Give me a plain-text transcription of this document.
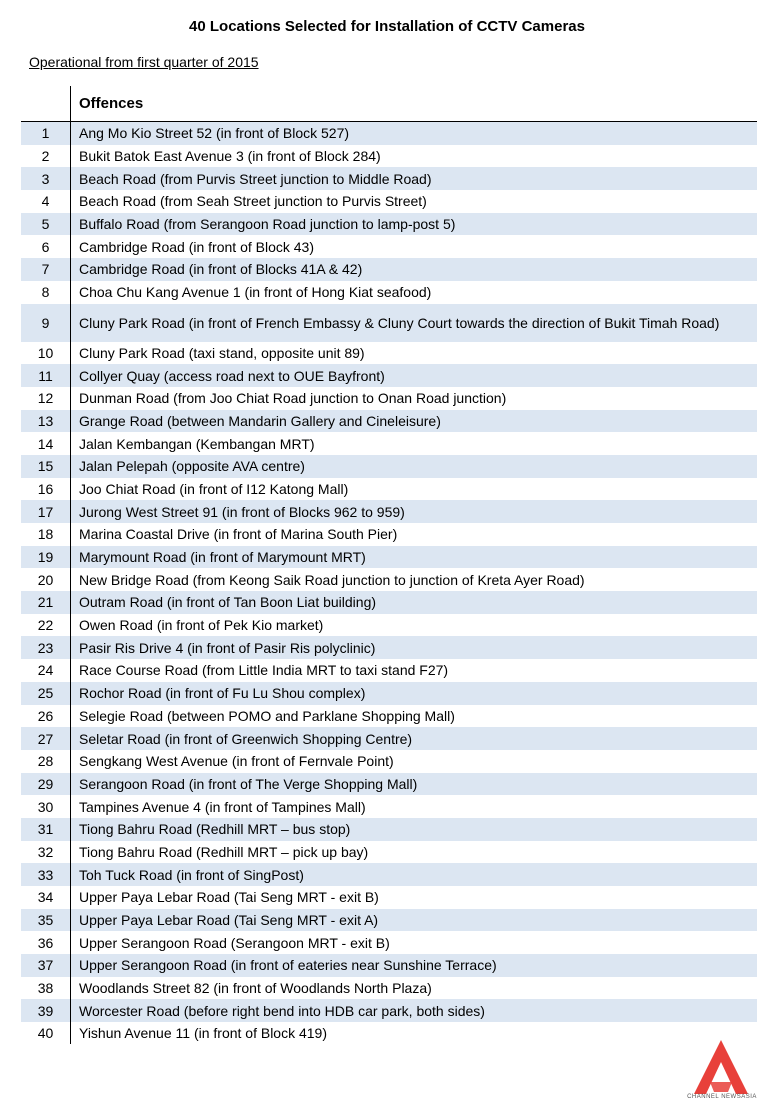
40 Locations Selected for Installation of CCTV Cameras
Operational from first quarter of 2015
Offences
1	Ang Mo Kio Street 52 (in front of Block 527)
2	Bukit Batok East Avenue 3 (in front of Block 284)
3	Beach Road (from Purvis Street junction to Middle Road)
4	Beach Road (from Seah Street junction to Purvis Street)
5	Buffalo Road (from Serangoon Road junction to lamp-post 5)
6	Cambridge Road (in front of Block 43)
7	Cambridge Road (in front of Blocks 41A & 42)
8	Choa Chu Kang Avenue 1 (in front of Hong Kiat seafood)
9	Cluny Park Road (in front of French Embassy & Cluny Court towards the direction of Bukit Timah Road)
10	Cluny Park Road (taxi stand, opposite unit 89)
11	Collyer Quay (access road next to OUE Bayfront)
12	Dunman Road (from Joo Chiat Road junction to Onan Road junction)
13	Grange Road (between Mandarin Gallery and Cineleisure)
14	Jalan Kembangan (Kembangan MRT)
15	Jalan Pelepah (opposite AVA centre)
16	Joo Chiat Road (in front of I12 Katong Mall)
17	Jurong West Street 91 (in front of Blocks 962 to 959)
18	Marina Coastal Drive (in front of Marina South Pier)
19	Marymount Road (in front of Marymount MRT)
20	New Bridge Road (from Keong Saik Road junction to junction of Kreta Ayer Road)
21	Outram Road (in front of Tan Boon Liat building)
22	Owen Road (in front of Pek Kio market)
23	Pasir Ris Drive 4 (in front of Pasir Ris polyclinic)
24	Race Course Road (from Little India MRT to taxi stand F27)
25	Rochor Road (in front of Fu Lu Shou complex)
26	Selegie Road (between POMO and Parklane Shopping Mall)
27	Seletar Road (in front of Greenwich Shopping Centre)
28	Sengkang West Avenue (in front of Fernvale Point)
29	Serangoon Road (in front of The Verge Shopping Mall)
30	Tampines Avenue 4 (in front of Tampines Mall)
31	Tiong Bahru Road (Redhill MRT – bus stop)
32	Tiong Bahru Road (Redhill MRT – pick up bay)
33	Toh Tuck Road (in front of SingPost)
34	Upper Paya Lebar Road (Tai Seng MRT - exit B)
35	Upper Paya Lebar Road (Tai Seng MRT - exit A)
36	Upper Serangoon Road (Serangoon MRT - exit B)
37	Upper Serangoon Road (in front of eateries near Sunshine Terrace)
38	Woodlands Street 82 (in front of Woodlands North Plaza)
39	Worcester Road (before right bend into HDB car park, both sides)
40	Yishun Avenue 11 (in front of Block 419)
CHANNEL NEWSASIA
